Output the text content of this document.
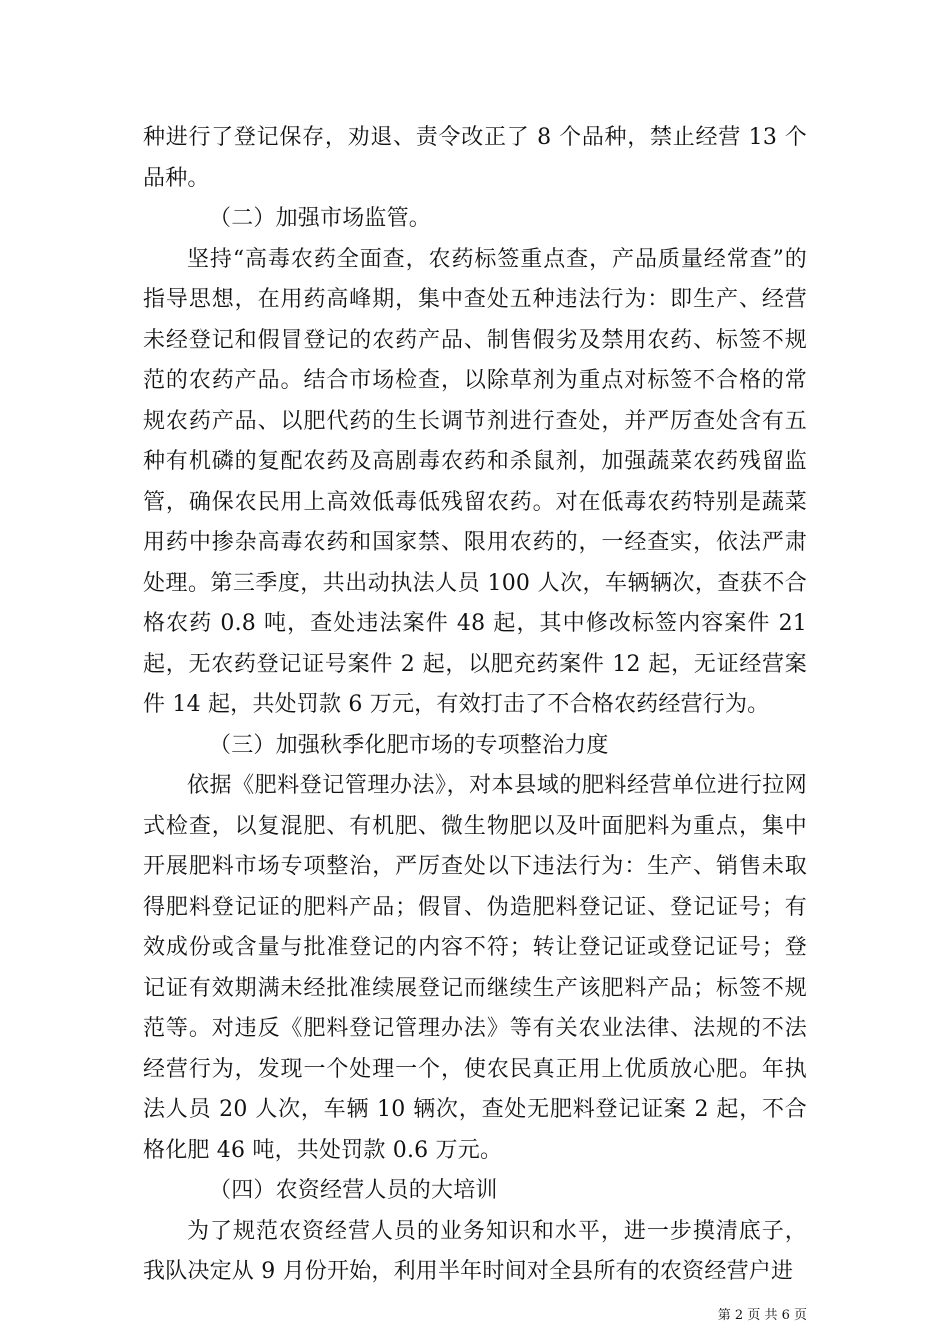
种进行了登记保存，劝退、责令改正了 8 个品种，禁止经营 13 个品种。

（二）加强市场监管。

坚持“高毒农药全面查，农药标签重点查，产品质量经常查”的指导思想，在用药高峰期，集中查处五种违法行为：即生产、经营未经登记和假冒登记的农药产品、制售假劣及禁用农药、标签不规范的农药产品。结合市场检查，以除草剂为重点对标签不合格的常规农药产品、以肥代药的生长调节剂进行查处，并严厉查处含有五种有机磷的复配农药及高剧毒农药和杀鼠剂，加强蔬菜农药残留监管，确保农民用上高效低毒低残留农药。对在低毒农药特别是蔬菜用药中掺杂高毒农药和国家禁、限用农药的，一经查实，依法严肃处理。第三季度，共出动执法人员 100 人次，车辆辆次，查获不合格农药 0.8 吨，查处违法案件 48 起，其中修改标签内容案件 21 起，无农药登记证号案件 2 起，以肥充药案件 12 起，无证经营案件 14 起，共处罚款 6 万元，有效打击了不合格农药经营行为。

（三）加强秋季化肥市场的专项整治力度

依据《肥料登记管理办法》，对本县域的肥料经营单位进行拉网式检查，以复混肥、有机肥、微生物肥以及叶面肥料为重点，集中开展肥料市场专项整治，严厉查处以下违法行为：生产、销售未取得肥料登记证的肥料产品；假冒、伪造肥料登记证、登记证号；有效成份或含量与批准登记的内容不符；转让登记证或登记证号；登记证有效期满未经批准续展登记而继续生产该肥料产品；标签不规范等。对违反《肥料登记管理办法》等有关农业法律、法规的不法经营行为，发现一个处理一个，使农民真正用上优质放心肥。年执法人员 20 人次，车辆 10 辆次，查处无肥料登记证案 2 起，不合格化肥 46 吨，共处罚款 0.6 万元。

（四）农资经营人员的大培训

为了规范农资经营人员的业务知识和水平，进一步摸清底子，我队决定从 9 月份开始，利用半年时间对全县所有的农资经营户进

第 2 页 共 6 页
